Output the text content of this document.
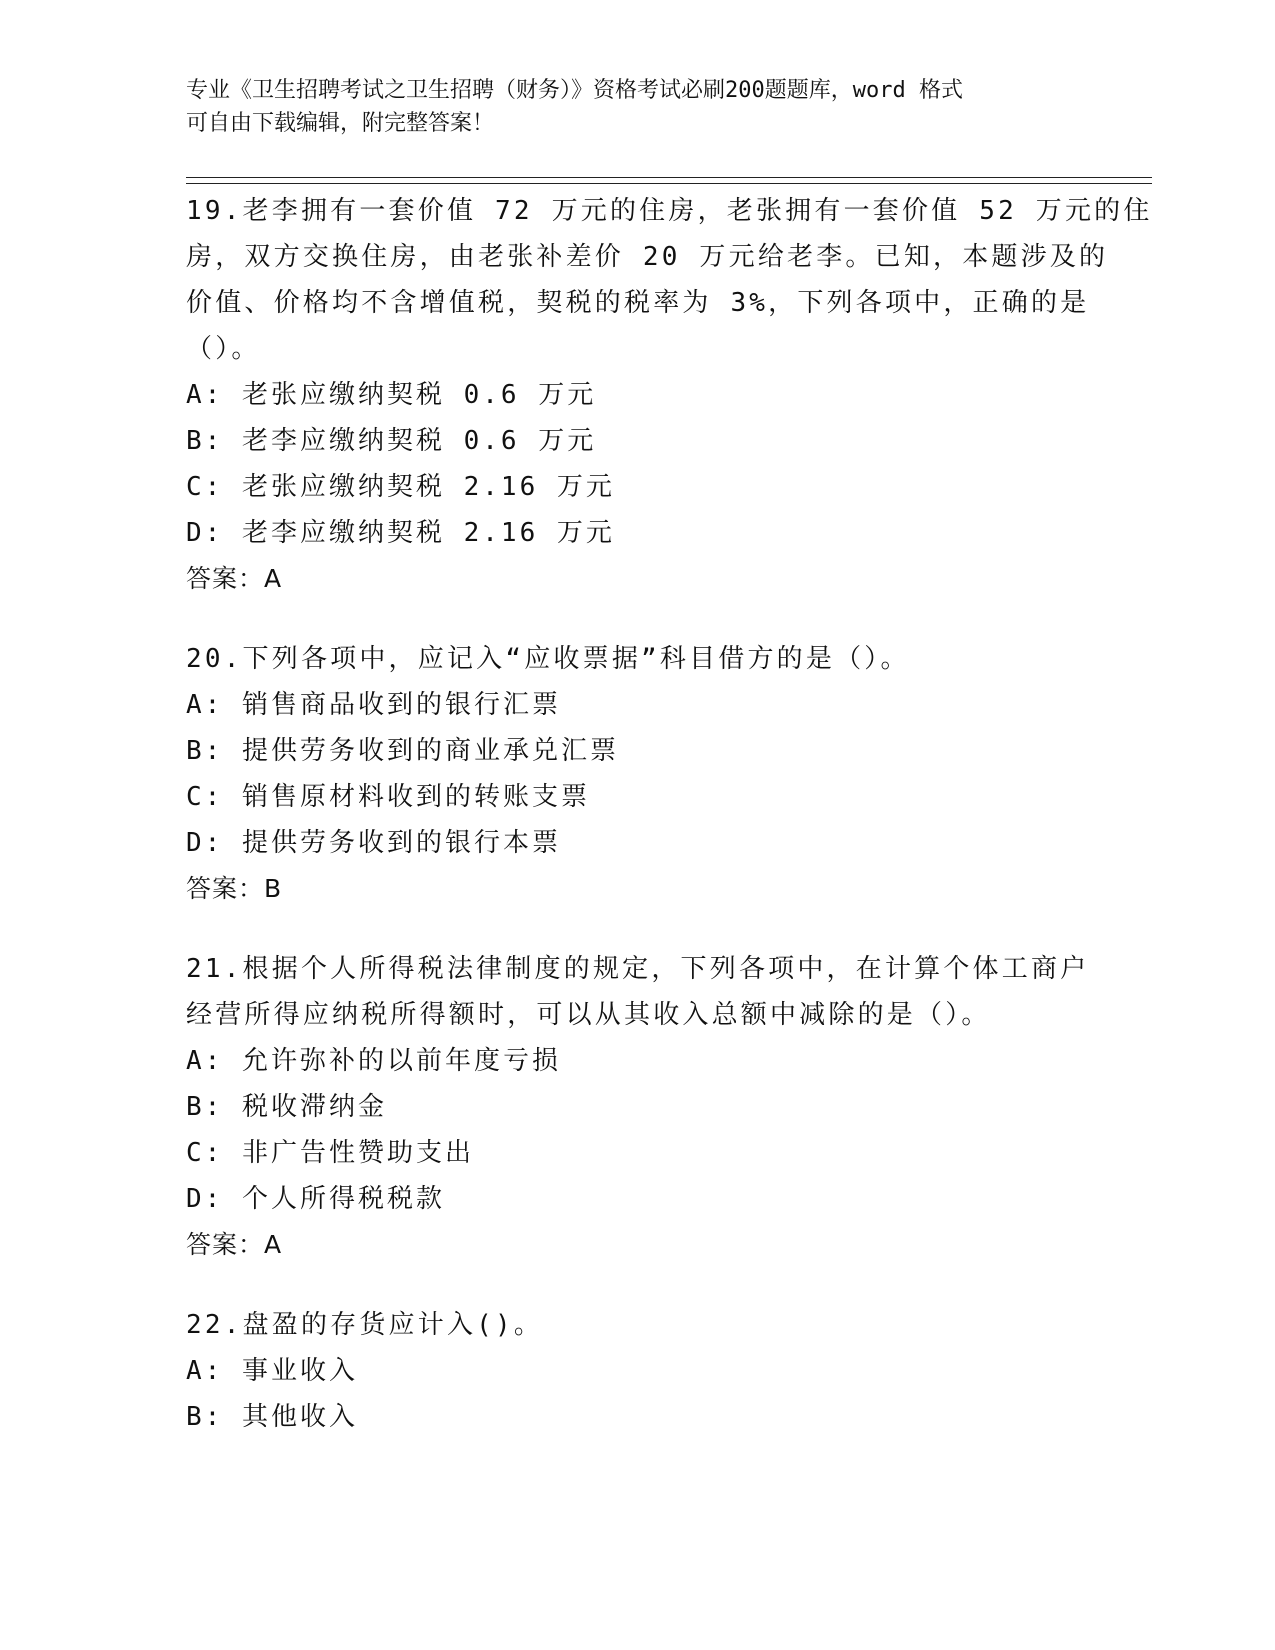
专业《卫生招聘考试之卫生招聘（财务）》资格考试必刷200题题库，word 格式
可自由下载编辑，附完整答案！
19.老李拥有一套价值 72 万元的住房，老张拥有一套价值 52 万元的住
房，双方交换住房，由老张补差价 20 万元给老李。已知，本题涉及的
价值、价格均不含增值税，契税的税率为 3%，下列各项中，正确的是
（）。
A: 老张应缴纳契税 0.6 万元
B: 老李应缴纳契税 0.6 万元
C: 老张应缴纳契税 2.16 万元
D: 老李应缴纳契税 2.16 万元
答案：A
20.下列各项中，应记入“应收票据”科目借方的是（）。
A: 销售商品收到的银行汇票
B: 提供劳务收到的商业承兑汇票
C: 销售原材料收到的转账支票
D: 提供劳务收到的银行本票
答案：B
21.根据个人所得税法律制度的规定，下列各项中，在计算个体工商户
经营所得应纳税所得额时，可以从其收入总额中减除的是（）。
A: 允许弥补的以前年度亏损
B: 税收滞纳金
C: 非广告性赞助支出
D: 个人所得税税款
答案：A
22.盘盈的存货应计入()。
A: 事业收入
B: 其他收入
